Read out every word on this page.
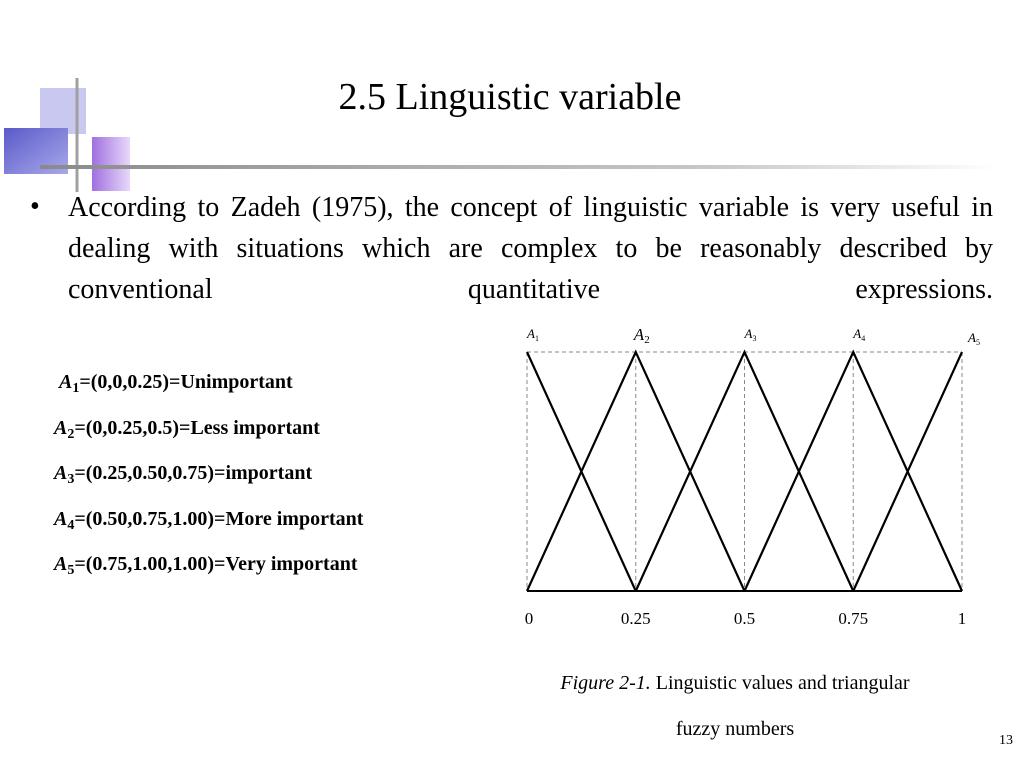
2.5 Linguistic variable
• According to Zadeh (1975), the concept of linguistic variable is very useful in dealing with situations which are complex to be reasonably described by conventional quantitative expressions.
$A_1=(0,0,0.25)=Unimportant$
$A_2=(0,0.25,0.5)=Less$ important
$A_3=(0.25,0.50,0.75)=important$
$A_4=(0.50,0.75,1.00)=More$ important
$A_5=(0.75,1.00,1.00)=Very$ important
$A_1$	A2	$A_3$	$A_4$	$A_5$
0	0.25	0.5	0.75	1
Figure 2-1. Linguistic values and triangular
fuzzy numbers
13
